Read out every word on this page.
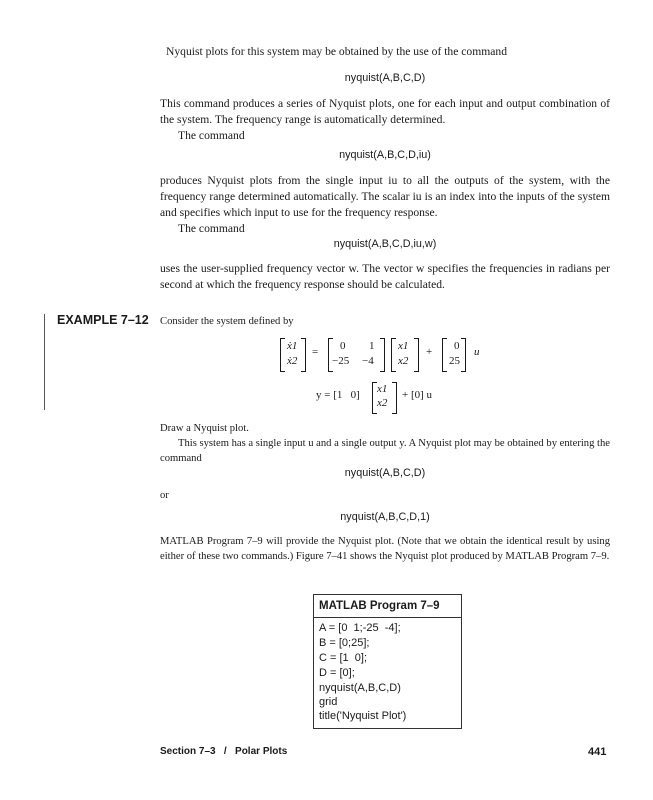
Nyquist plots for this system may be obtained by the use of the command
nyquist(A,B,C,D)
This command produces a series of Nyquist plots, one for each input and output combination of the system. The frequency range is automatically determined.
The command
nyquist(A,B,C,D,iu)
produces Nyquist plots from the single input iu to all the outputs of the system, with the frequency range determined automatically. The scalar iu is an index into the inputs of the system and specifies which input to use for the frequency response.
The command
nyquist(A,B,C,D,iu,w)
uses the user-supplied frequency vector w. The vector w specifies the frequencies in radians per second at which the frequency response should be calculated.
EXAMPLE 7–12 Consider the system defined by
ẋ1
ẋ2
= 0 1
−25 −4
x1
x2
+ 0
25
u
y = [1   0] x1
x2
+ [0] u
Draw a Nyquist plot.
This system has a single input u and a single output y. A Nyquist plot may be obtained by entering the command
nyquist(A,B,C,D)
or
nyquist(A,B,C,D,1)
MATLAB Program 7–9 will provide the Nyquist plot. (Note that we obtain the identical result by using either of these two commands.) Figure 7–41 shows the Nyquist plot produced by MATLAB Program 7–9.
MATLAB Program 7–9
A = [0  1;-25  -4];
B = [0;25];
C = [1  0];
D = [0];
nyquist(A,B,C,D)
grid
title('Nyquist Plot')
Section 7–3   /   Polar Plots	441
